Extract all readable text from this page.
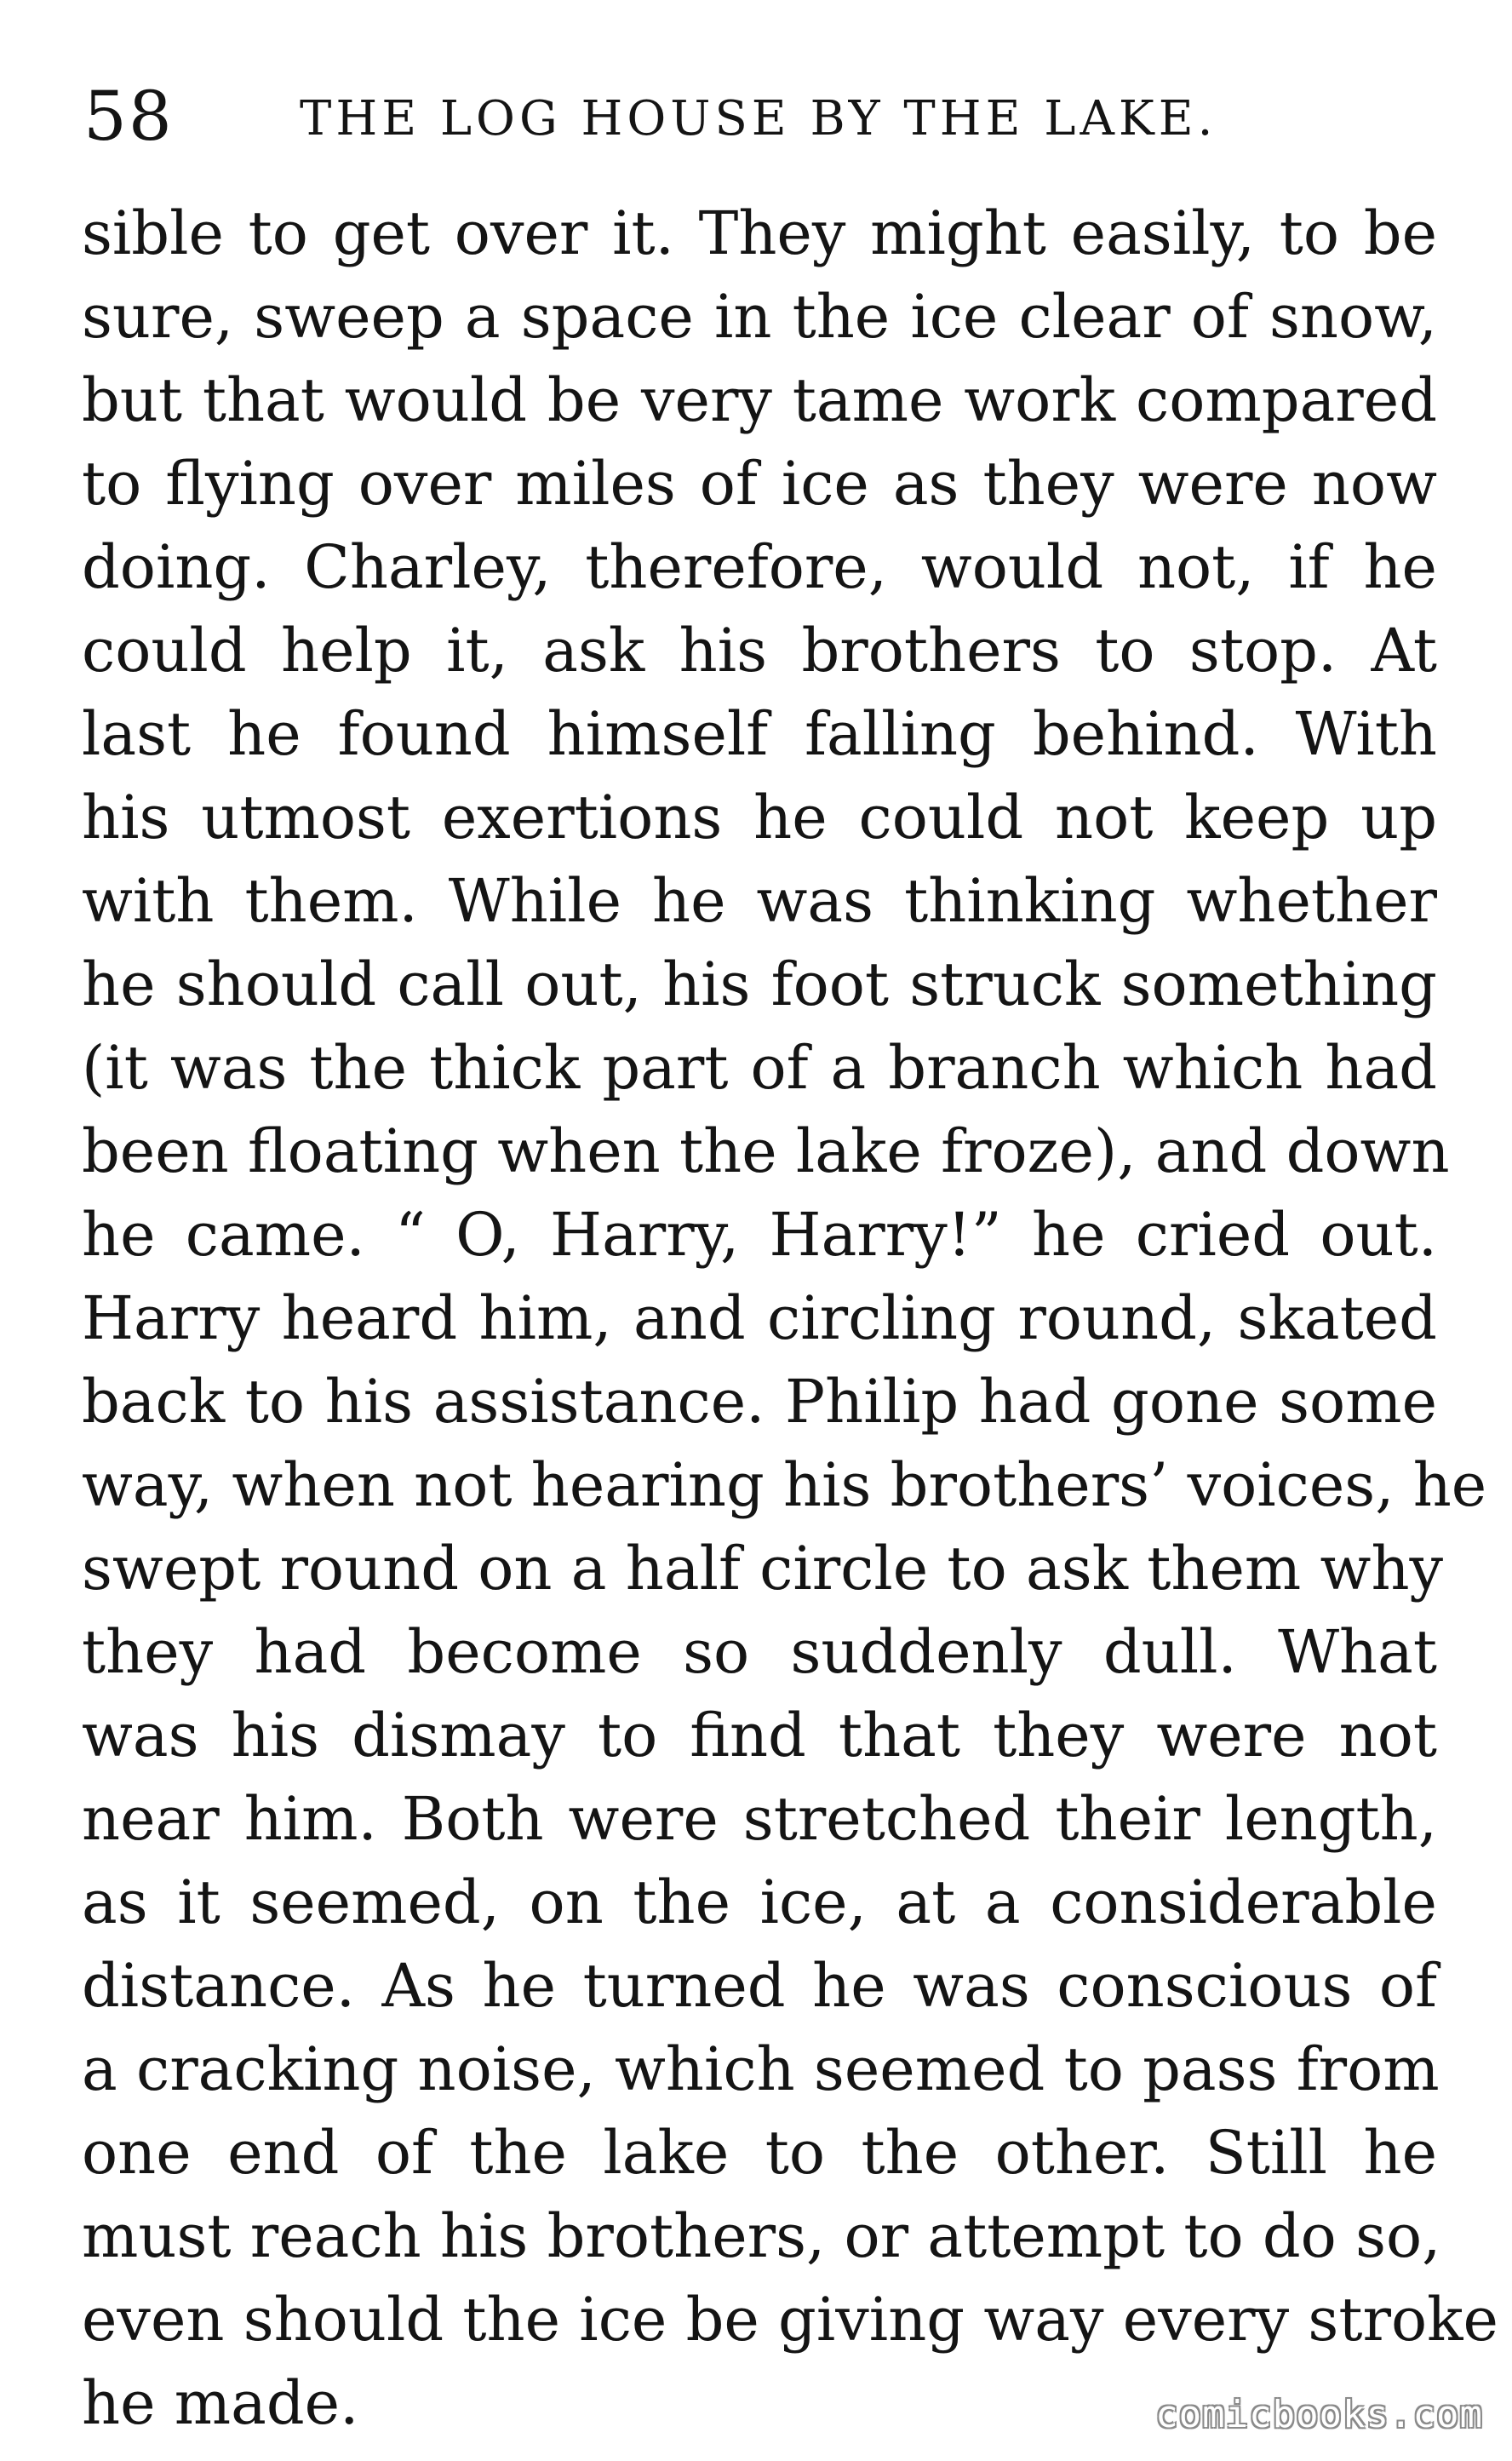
58	THE LOG HOUSE BY THE LAKE.
sible to get over it. They might easily, to be
sure, sweep a space in the ice clear of snow,
but that would be very tame work compared
to flying over miles of ice as they were now
doing. Charley, therefore, would not, if he
could help it, ask his brothers to stop. At
last he found himself falling behind. With
his utmost exertions he could not keep up
with them. While he was thinking whether
he should call out, his foot struck something
(it was the thick part of a branch which had
been floating when the lake froze), and down
he came. “ O, Harry, Harry!” he cried out.
Harry heard him, and circling round, skated
back to his assistance. Philip had gone some
way, when not hearing his brothers’ voices, he
swept round on a half circle to ask them why
they had become so suddenly dull. What
was his dismay to find that they were not
near him. Both were stretched their length,
as it seemed, on the ice, at a considerable
distance. As he turned he was conscious of
a cracking noise, which seemed to pass from
one end of the lake to the other. Still he
must reach his brothers, or attempt to do so,
even should the ice be giving way every stroke
he made.	comicbooks.com
